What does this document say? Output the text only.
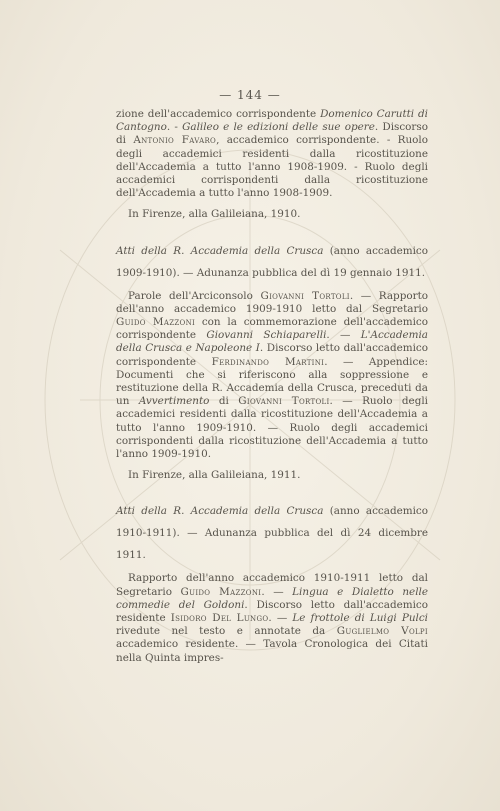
— 144 —

zione dell'accademico corrispondente Domenico Carutti di Cantogno. - Galileo e le edizioni delle sue opere. Discorso di Antonio Favaro, accademico corrispondente. - Ruolo degli accademici residenti dalla ricostituzione dell'Accademia a tutto l'anno 1908-1909. - Ruolo degli accademici corrispondenti dalla ricostituzione dell'Accademia a tutto l'anno 1908-1909.

In Firenze, alla Galileiana, 1910.

Atti della R. Accademia della Crusca (anno accademico 1909-1910). — Adunanza pubblica del dì 19 gennaio 1911.

Parole dell'Arciconsolo Giovanni Tortoli. — Rapporto dell'anno accademico 1909-1910 letto dal Segretario Guido Mazzoni con la commemorazione dell'accademico corrispondente Giovanni Schiaparelli. — L'Accademia della Crusca e Napoleone I. Discorso letto dall'accademico corrispondente Ferdinando Martini. — Appendice: Documenti che si riferiscono alla soppressione e restituzione della R. Accademia della Crusca, preceduti da un Avvertimento di Giovanni Tortoli. — Ruolo degli accademici residenti dalla ricostituzione dell'Accademia a tutto l'anno 1909-1910. — Ruolo degli accademici corrispondenti dalla ricostituzione dell'Accademia a tutto l'anno 1909-1910.

In Firenze, alla Galileiana, 1911.

Atti della R. Accademia della Crusca (anno accademico 1910-1911). — Adunanza pubblica del dì 24 dicembre 1911.

Rapporto dell'anno accademico 1910-1911 letto dal Segretario Guido Mazzoni. — Lingua e Dialetto nelle commedie del Goldoni. Discorso letto dall'accademico residente Isidoro Del Lungo. — Le frottole di Luigi Pulci rivedute nel testo e annotate da Guglielmo Volpi accademico residente. — Tavola Cronologica dei Citati nella Quinta impres-
